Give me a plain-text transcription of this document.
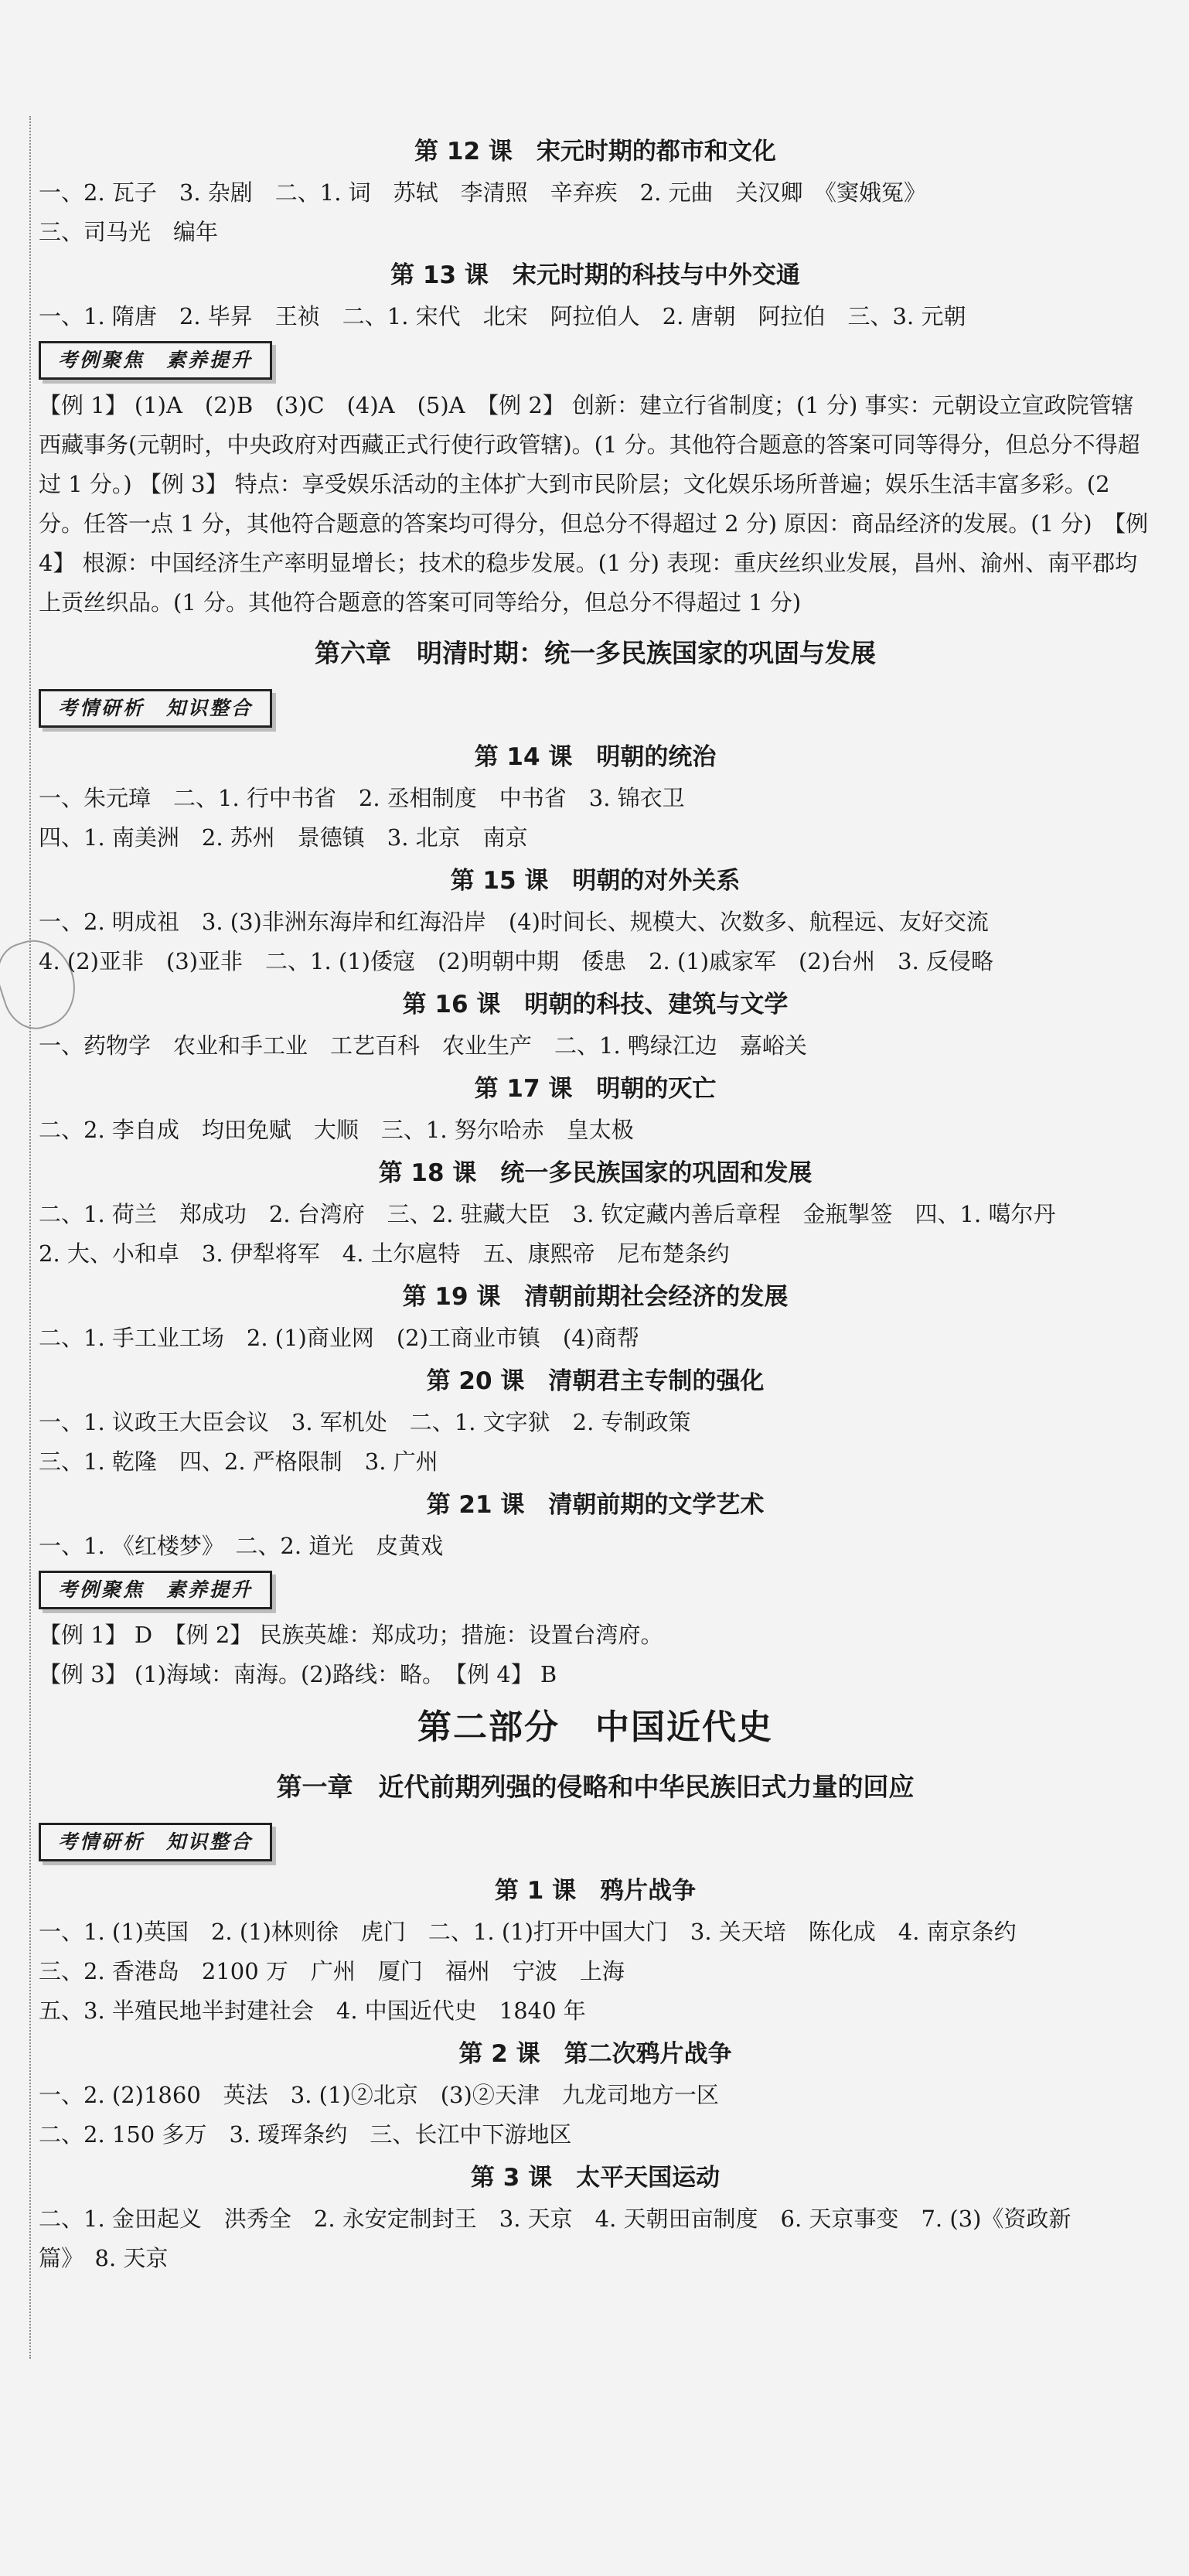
第 12 课　宋元时期的都市和文化
一、2. 瓦子　3. 杂剧　二、1. 词　苏轼　李清照　辛弃疾　2. 元曲　关汉卿　《窦娥冤》
三、司马光　编年
第 13 课　宋元时期的科技与中外交通
一、1. 隋唐　2. 毕昇　王祯　二、1. 宋代　北宋　阿拉伯人　2. 唐朝　阿拉伯　三、3. 元朝
考例聚焦　素养提升
【例 1】 (1)A　(2)B　(3)C　(4)A　(5)A　【例 2】 创新：建立行省制度；(1 分) 事实：元朝设立宣政院管辖西藏事务(元朝时，中央政府对西藏正式行使行政管辖)。(1 分。其他符合题意的答案可同等得分，但总分不得超过 1 分。) 【例 3】 特点：享受娱乐活动的主体扩大到市民阶层；文化娱乐场所普遍；娱乐生活丰富多彩。(2 分。任答一点 1 分，其他符合题意的答案均可得分，但总分不得超过 2 分) 原因：商品经济的发展。(1 分)　【例 4】 根源：中国经济生产率明显增长；技术的稳步发展。(1 分) 表现：重庆丝织业发展，昌州、渝州、南平郡均上贡丝织品。(1 分。其他符合题意的答案可同等给分，但总分不得超过 1 分)
第六章　明清时期：统一多民族国家的巩固与发展
考情研析　知识整合
第 14 课　明朝的统治
一、朱元璋　二、1. 行中书省　2. 丞相制度　中书省　3. 锦衣卫
四、1. 南美洲　2. 苏州　景德镇　3. 北京　南京
第 15 课　明朝的对外关系
一、2. 明成祖　3. (3)非洲东海岸和红海沿岸　(4)时间长、规模大、次数多、航程远、友好交流
4. (2)亚非　(3)亚非　二、1. (1)倭寇　(2)明朝中期　倭患　2. (1)戚家军　(2)台州　3. 反侵略
第 16 课　明朝的科技、建筑与文学
一、药物学　农业和手工业　工艺百科　农业生产　二、1. 鸭绿江边　嘉峪关
第 17 课　明朝的灭亡
二、2. 李自成　均田免赋　大顺　三、1. 努尔哈赤　皇太极
第 18 课　统一多民族国家的巩固和发展
二、1. 荷兰　郑成功　2. 台湾府　三、2. 驻藏大臣　3. 钦定藏内善后章程　金瓶掣签　四、1. 噶尔丹
2. 大、小和卓　3. 伊犁将军　4. 土尔扈特　五、康熙帝　尼布楚条约
第 19 课　清朝前期社会经济的发展
二、1. 手工业工场　2. (1)商业网　(2)工商业市镇　(4)商帮
第 20 课　清朝君主专制的强化
一、1. 议政王大臣会议　3. 军机处　二、1. 文字狱　2. 专制政策
三、1. 乾隆　四、2. 严格限制　3. 广州
第 21 课　清朝前期的文学艺术
一、1. 《红楼梦》　二、2. 道光　皮黄戏
考例聚焦　素养提升
【例 1】 D　【例 2】 民族英雄：郑成功；措施：设置台湾府。
【例 3】 (1)海域：南海。(2)路线：略。　【例 4】 B
第二部分　中国近代史
第一章　近代前期列强的侵略和中华民族旧式力量的回应
考情研析　知识整合
第 1 课　鸦片战争
一、1. (1)英国　2. (1)林则徐　虎门　二、1. (1)打开中国大门　3. 关天培　陈化成　4. 南京条约
三、2. 香港岛　2100 万　广州　厦门　福州　宁波　上海
五、3. 半殖民地半封建社会　4. 中国近代史　1840 年
第 2 课　第二次鸦片战争
一、2. (2)1860　英法　3. (1)②北京　(3)②天津　九龙司地方一区
二、2. 150 多万　3. 瑷珲条约　三、长江中下游地区
第 3 课　太平天国运动
二、1. 金田起义　洪秀全　2. 永安定制封王　3. 天京　4. 天朝田亩制度　6. 天京事变　7. (3)《资政新
篇》　8. 天京
